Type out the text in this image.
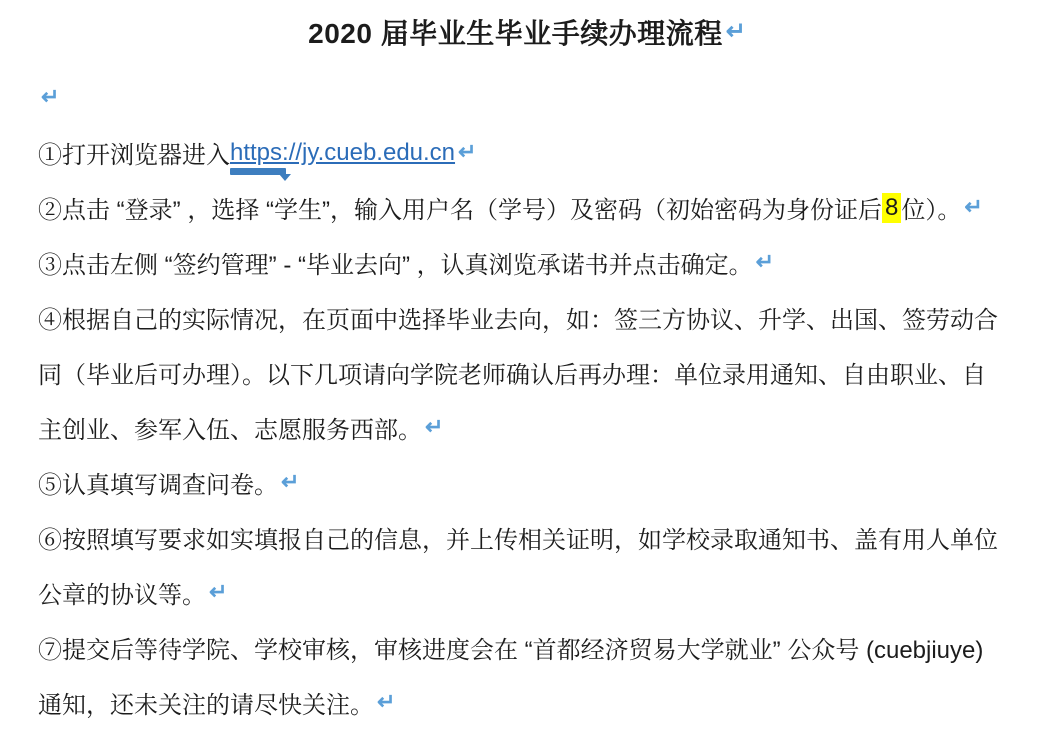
2020 届毕业生毕业手续办理流程 ↵
↵
①打开浏览器进入 https://jy.cueb.edu.cn ↵
②点击 “登录” ，选择 “学生”，输入用户名（学号）及密码（初始密码为身份证后 8 位）。 ↵
③点击左侧 “签约管理” - “毕业去向” ，认真浏览承诺书并点击确定。 ↵
④根据自己的实际情况，在页面中选择毕业去向，如：签三方协议、升学、出国、签劳动合
同（毕业后可办理）。以下几项请向学院老师确认后再办理：单位录用通知、自由职业、自
主创业、参军入伍、志愿服务西部。 ↵
⑤认真填写调查问卷。 ↵
⑥按照填写要求如实填报自己的信息，并上传相关证明，如学校录取通知书、盖有用人单位
公章的协议等。 ↵
⑦提交后等待学院、学校审核，审核进度会在 “首都经济贸易大学就业” 公众号 (cuebjiuye)
通知，还未关注的请尽快关注。 ↵
